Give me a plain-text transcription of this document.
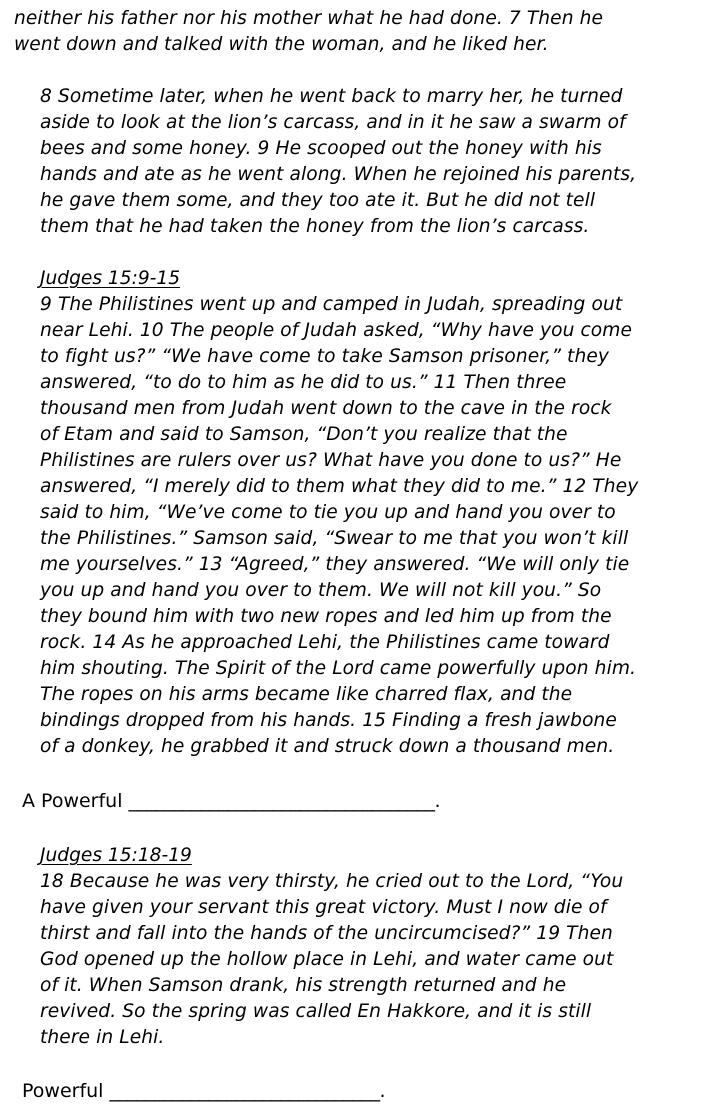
neither his father nor his mother what he had done. 7 Then he
went down and talked with the woman, and he liked her.

8 Sometime later, when he went back to marry her, he turned
aside to look at the lion’s carcass, and in it he saw a swarm of
bees and some honey. 9 He scooped out the honey with his
hands and ate as he went along. When he rejoined his parents,
he gave them some, and they too ate it. But he did not tell
them that he had taken the honey from the lion’s carcass.

Judges 15:9-15

9 The Philistines went up and camped in Judah, spreading out
near Lehi. 10 The people of Judah asked, “Why have you come
to fight us?” “We have come to take Samson prisoner,” they
answered, “to do to him as he did to us.” 11 Then three
thousand men from Judah went down to the cave in the rock
of Etam and said to Samson, “Don’t you realize that the
Philistines are rulers over us? What have you done to us?” He
answered, “I merely did to them what they did to me.” 12 They
said to him, “We’ve come to tie you up and hand you over to
the Philistines.” Samson said, “Swear to me that you won’t kill
me yourselves.” 13 “Agreed,” they answered. “We will only tie
you up and hand you over to them. We will not kill you.” So
they bound him with two new ropes and led him up from the
rock. 14 As he approached Lehi, the Philistines came toward
him shouting. The Spirit of the Lord came powerfully upon him.
The ropes on his arms became like charred flax, and the
bindings dropped from his hands. 15 Finding a fresh jawbone
of a donkey, he grabbed it and struck down a thousand men.

A Powerful __________________________________.

Judges 15:18-19

18 Because he was very thirsty, he cried out to the Lord, “You
have given your servant this great victory. Must I now die of
thirst and fall into the hands of the uncircumcised?” 19 Then
God opened up the hollow place in Lehi, and water came out
of it. When Samson drank, his strength returned and he
revived. So the spring was called En Hakkore, and it is still
there in Lehi.

Powerful ______________________________.
